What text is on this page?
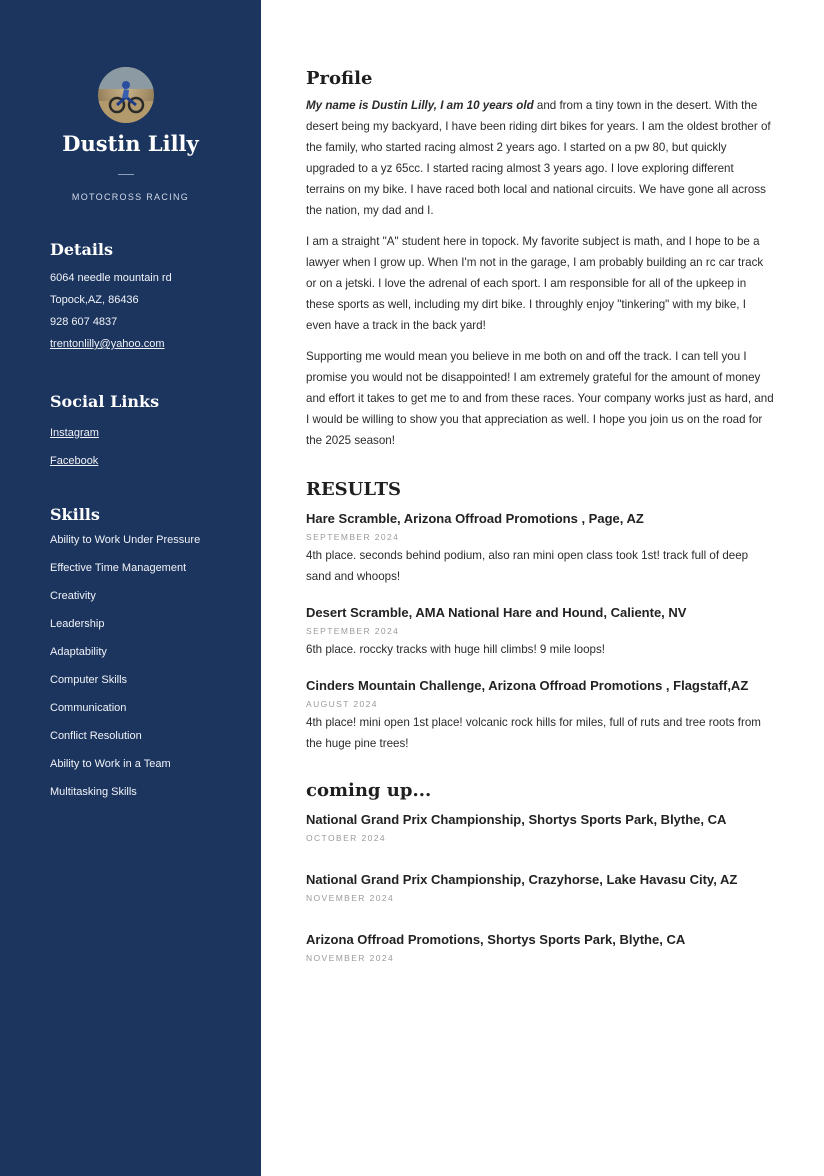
Dustin Lilly
MOTOCROSS RACING
Details
6064 needle mountain rd
Topock,AZ, 86436
928 607 4837
trentonlilly@yahoo.com
Social Links
Instagram
Facebook
Skills
Ability to Work Under Pressure
Effective Time Management
Creativity
Leadership
Adaptability
Computer Skills
Communication
Conflict Resolution
Ability to Work in a Team
Multitasking Skills
Profile

My name is Dustin Lilly, I am 10 years old and from a tiny town in the desert. With the desert being my backyard, I have been riding dirt bikes for years. I am the oldest brother of the family, who started racing almost 2 years ago. I started on a pw 80, but quickly upgraded to a yz 65cc. I started racing almost 3 years ago. I love exploring different terrains on my bike. I have raced both local and national circuits. We have gone all across the nation, my dad and I.

I am a straight "A" student here in topock. My favorite subject is math, and I hope to be a lawyer when I grow up. When I'm not in the garage, I am probably building an rc car track or on a jetski. I love the adrenal of each sport. I am responsible for all of the upkeep in these sports as well, including my dirt bike. I throughly enjoy "tinkering" with my bike, I even have a track in the back yard!

Supporting me would mean you believe in me both on and off the track. I can tell you I promise you would not be disappointed! I am extremely grateful for the amount of money and effort it takes to get me to and from these races. Your company works just as hard, and I would be willing to show you that appreciation as well. I hope you join us on the road for the 2025 season!

RESULTS
Hare Scramble, Arizona Offroad Promotions , Page, AZ
SEPTEMBER 2024
4th place. seconds behind podium, also ran mini open class took 1st! track full of deep sand and whoops!
Desert Scramble, AMA National Hare and Hound, Caliente, NV
SEPTEMBER 2024
6th place. roccky tracks with huge hill climbs! 9 mile loops!
Cinders Mountain Challenge, Arizona Offroad Promotions , Flagstaff,AZ
AUGUST 2024
4th place! mini open 1st place! volcanic rock hills for miles, full of ruts and tree roots from the huge pine trees!
coming up...
National Grand Prix Championship, Shortys Sports Park, Blythe, CA
OCTOBER 2024
National Grand Prix Championship, Crazyhorse, Lake Havasu City, AZ
NOVEMBER 2024
Arizona Offroad Promotions, Shortys Sports Park, Blythe, CA
NOVEMBER 2024
